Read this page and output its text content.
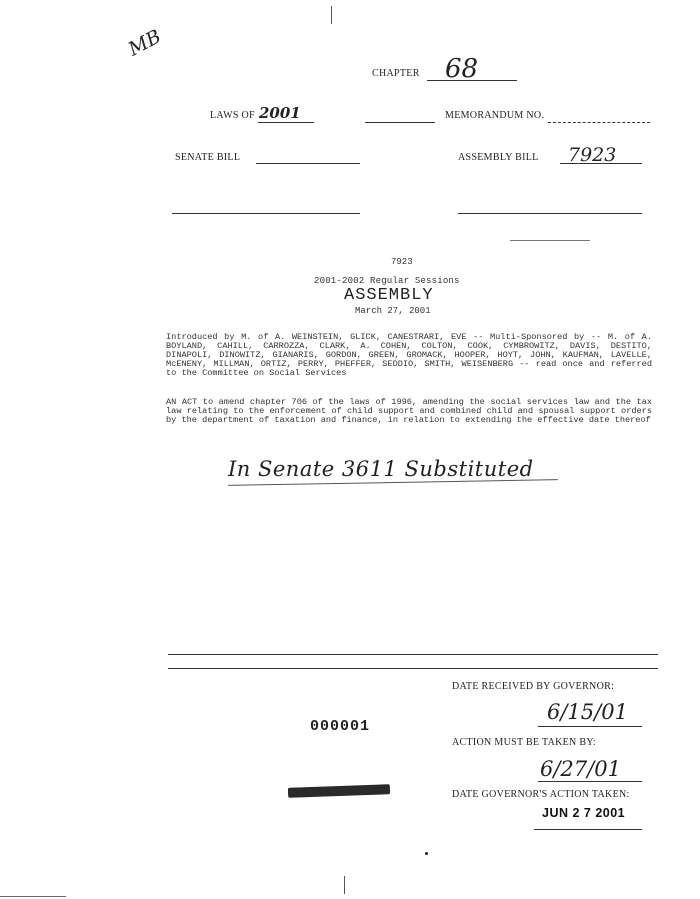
MB
CHAPTER 68
LAWS OF 2001	MEMORANDUM NO.
SENATE BILL	ASSEMBLY BILL 7923
7923
2001-2002 Regular Sessions
ASSEMBLY
March 27, 2001
Introduced by M. of A. WEINSTEIN, GLICK, CANESTRARI, EVE -- Multi-Sponsored by -- M. of A. BOYLAND, CAHILL, CARROZZA, CLARK, A. COHEN, COLTON, COOK, CYMBROWITZ, DAVIS, DESTITO, DINAPOLI, DINOWITZ, GIANARIS, GORDON, GREEN, GROMACK, HOOPER, HOYT, JOHN, KAUFMAN, LAVELLE, McENENY, MILLMAN, ORTIZ, PERRY, PHEFFER, SEDDIO, SMITH, WEISENBERG -- read once and referred to the Committee on Social Services
AN ACT to amend chapter 706 of the laws of 1996, amending the social services law and the tax law relating to the enforcement of child support and combined child and spousal support orders by the department of taxation and finance, in relation to extending the effective date thereof
In Senate 3611 Substituted
DATE RECEIVED BY GOVERNOR:
6/15/01
000001
ACTION MUST BE TAKEN BY:
6/27/01
DATE GOVERNOR'S ACTION TAKEN:
JUN 2 7 2001
